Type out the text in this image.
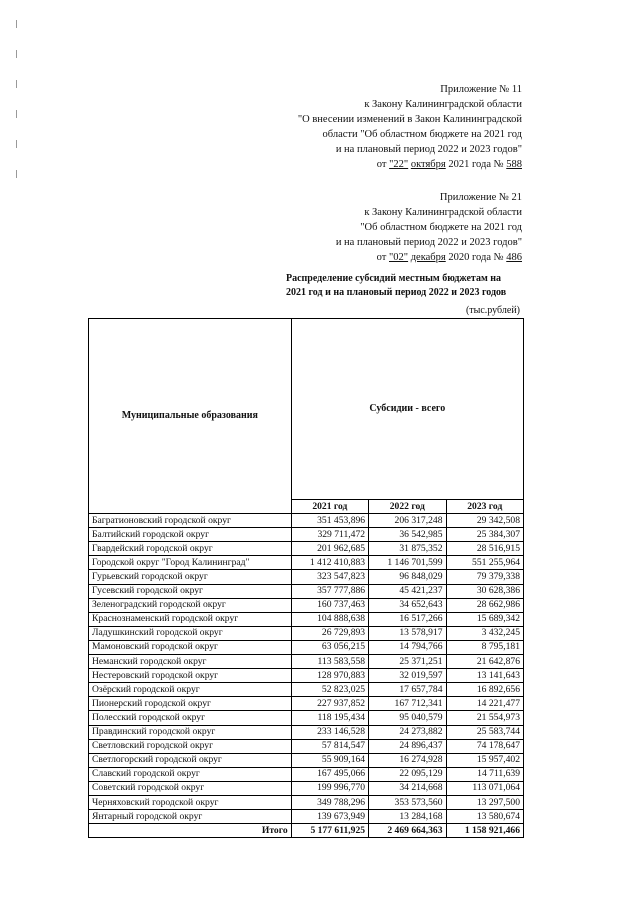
Приложение № 11
к Закону Калининградской области
"О внесении изменений в Закон Калининградской
области "Об областном бюджете на 2021 год
и на плановый период 2022 и 2023 годов"
от "22" октября 2021 года № 588
Приложение № 21
к Закону Калининградской области
"Об областном бюджете на 2021 год
и на плановый период 2022 и 2023 годов"
от "02" декабря 2020 года № 486
Распределение субсидий местным бюджетам на
2021 год и на плановый период 2022 и 2023 годов
(тыс.рублей)
Муниципальные образования	Субсидии - всего		
	2021 год	2022 год	2023 год
Багратионовский городской округ	351 453,896	206 317,248	29 342,508
Балтийский городской округ	329 711,472	36 542,985	25 384,307
Гвардейский городской округ	201 962,685	31 875,352	28 516,915
Городской округ "Город Калининград"	1 412 410,883	1 146 701,599	551 255,964
Гурьевский городской округ	323 547,823	96 848,029	79 379,338
Гусевский городской округ	357 777,886	45 421,237	30 628,386
Зеленоградский городской округ	160 737,463	34 652,643	28 662,986
Краснознаменский городской округ	104 888,638	16 517,266	15 689,342
Ладушкинский городской округ	26 729,893	13 578,917	3 432,245
Мамоновский городской округ	63 056,215	14 794,766	8 795,181
Неманский городской округ	113 583,558	25 371,251	21 642,876
Нестеровский городской округ	128 970,883	32 019,597	13 141,643
Озёрский городской округ	52 823,025	17 657,784	16 892,656
Пионерский городской округ	227 937,852	167 712,341	14 221,477
Полесский городской округ	118 195,434	95 040,579	21 554,973
Правдинский городской округ	233 146,528	24 273,882	25 583,744
Светловский городской округ	57 814,547	24 896,437	74 178,647
Светлогорский городской округ	55 909,164	16 274,928	15 957,402
Славский городской округ	167 495,066	22 095,129	14 711,639
Советский городской округ	199 996,770	34 214,668	113 071,064
Черняховский городской округ	349 788,296	353 573,560	13 297,500
Янтарный городской округ	139 673,949	13 284,168	13 580,674
Итого	5 177 611,925	2 469 664,363	1 158 921,466
